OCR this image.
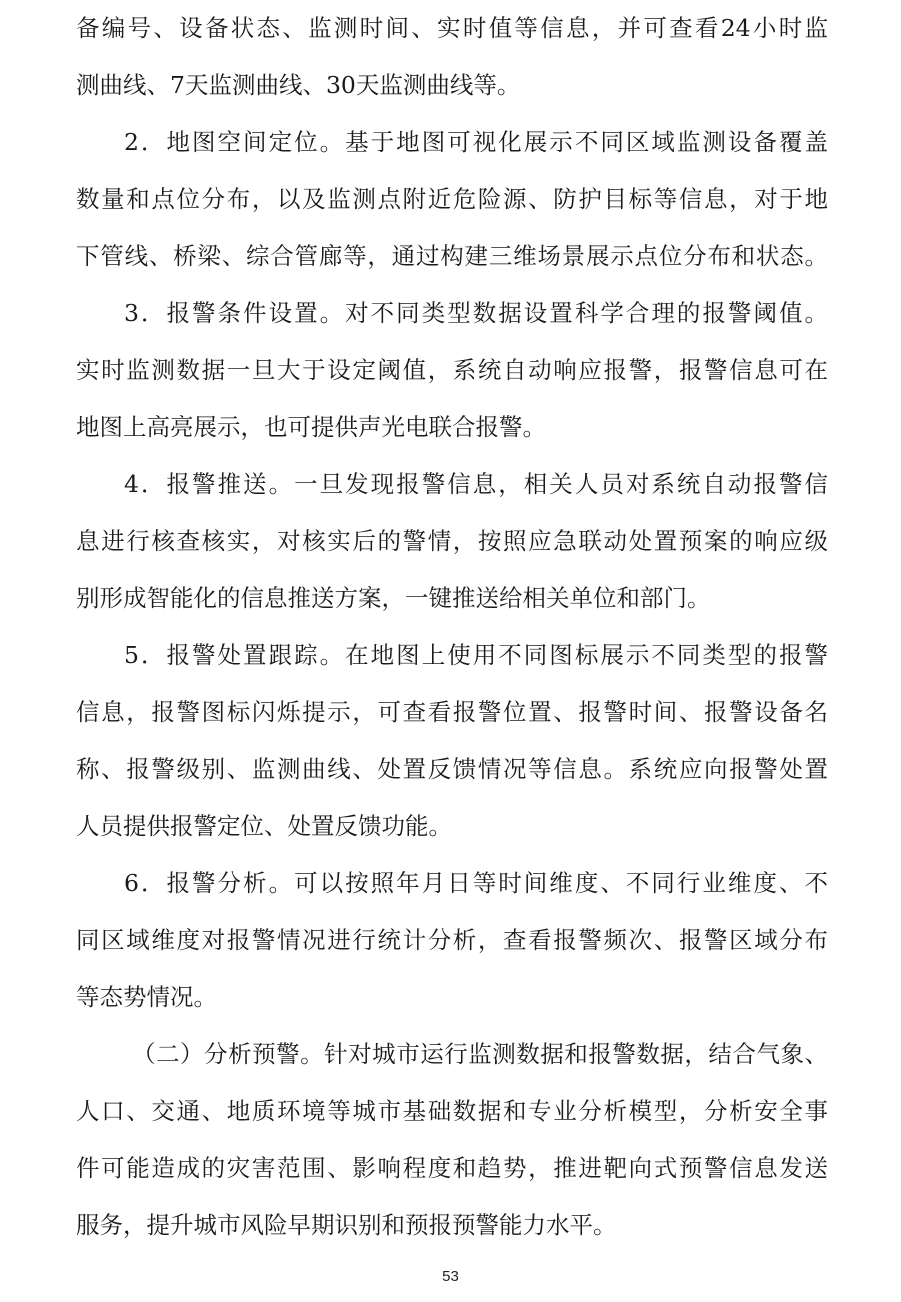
备编号、设备状态、监测时间、实时值等信息，并可查看24小时监
测曲线、7天监测曲线、30天监测曲线等。
2．地图空间定位。基于地图可视化展示不同区域监测设备覆盖
数量和点位分布，以及监测点附近危险源、防护目标等信息，对于地
下管线、桥梁、综合管廊等，通过构建三维场景展示点位分布和状态。
3．报警条件设置。对不同类型数据设置科学合理的报警阈值。
实时监测数据一旦大于设定阈值，系统自动响应报警，报警信息可在
地图上高亮展示，也可提供声光电联合报警。
4．报警推送。一旦发现报警信息，相关人员对系统自动报警信
息进行核查核实，对核实后的警情，按照应急联动处置预案的响应级
别形成智能化的信息推送方案，一键推送给相关单位和部门。
5．报警处置跟踪。在地图上使用不同图标展示不同类型的报警
信息，报警图标闪烁提示，可查看报警位置、报警时间、报警设备名
称、报警级别、监测曲线、处置反馈情况等信息。系统应向报警处置
人员提供报警定位、处置反馈功能。
6．报警分析。可以按照年月日等时间维度、不同行业维度、不
同区域维度对报警情况进行统计分析，查看报警频次、报警区域分布
等态势情况。
（二）分析预警。针对城市运行监测数据和报警数据，结合气象、
人口、交通、地质环境等城市基础数据和专业分析模型，分析安全事
件可能造成的灾害范围、影响程度和趋势，推进靶向式预警信息发送
服务，提升城市风险早期识别和预报预警能力水平。
53
